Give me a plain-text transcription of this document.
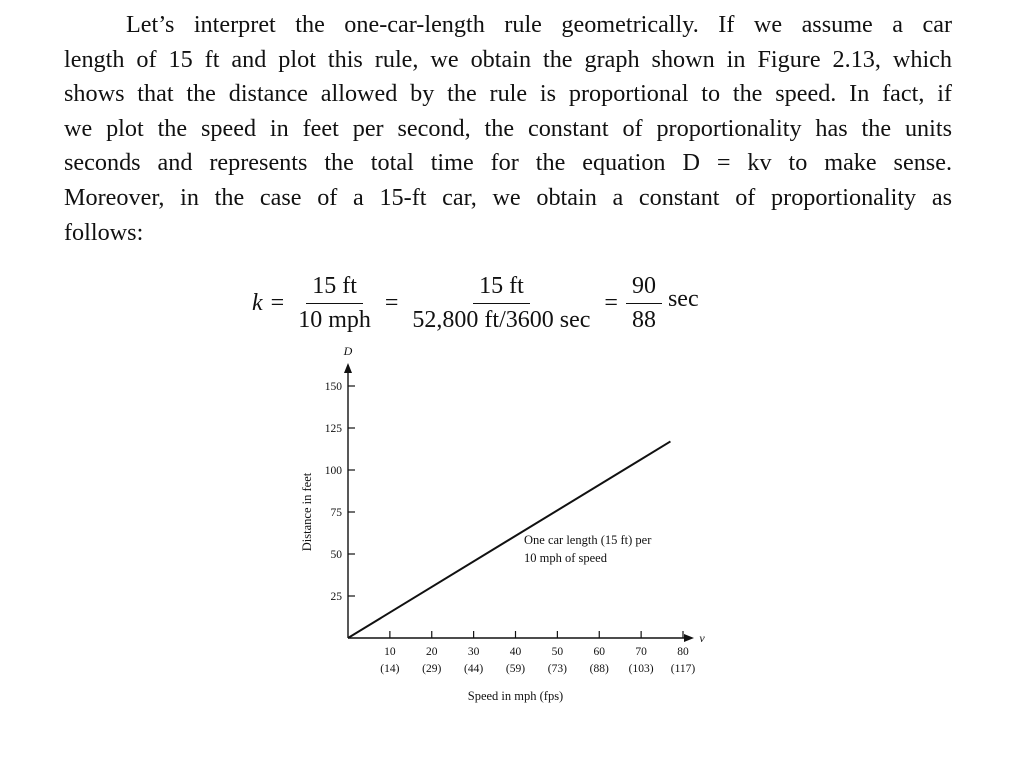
Let’s interpret the one-car-length rule geometrically. If we assume a car
length of 15 ft and plot this rule, we obtain the graph shown in Figure 2.13, which
shows that the distance allowed by the rule is proportional to the speed. In fact, if
we plot the speed in feet per second, the constant of proportionality has the units
seconds and represents the total time for the equation D = kv to make sense.
Moreover, in the case of a 15-ft car, we obtain a constant of proportionality as
follows:
$k = \frac{15 ft}{\text{10 mph}} = \frac{15 ft}{52,800 ft/3600 \sec} = \frac{90}{88}$ sec
D
v
25
50
75
100
125
150
10
(14)
20
(29)
30
(44)
40
(59)
50
(73)
60
(88)
70
(103)
80
(117)
One car length (15 ft) per
10 mph of speed
Speed in mph (fps)
Distance in feet
